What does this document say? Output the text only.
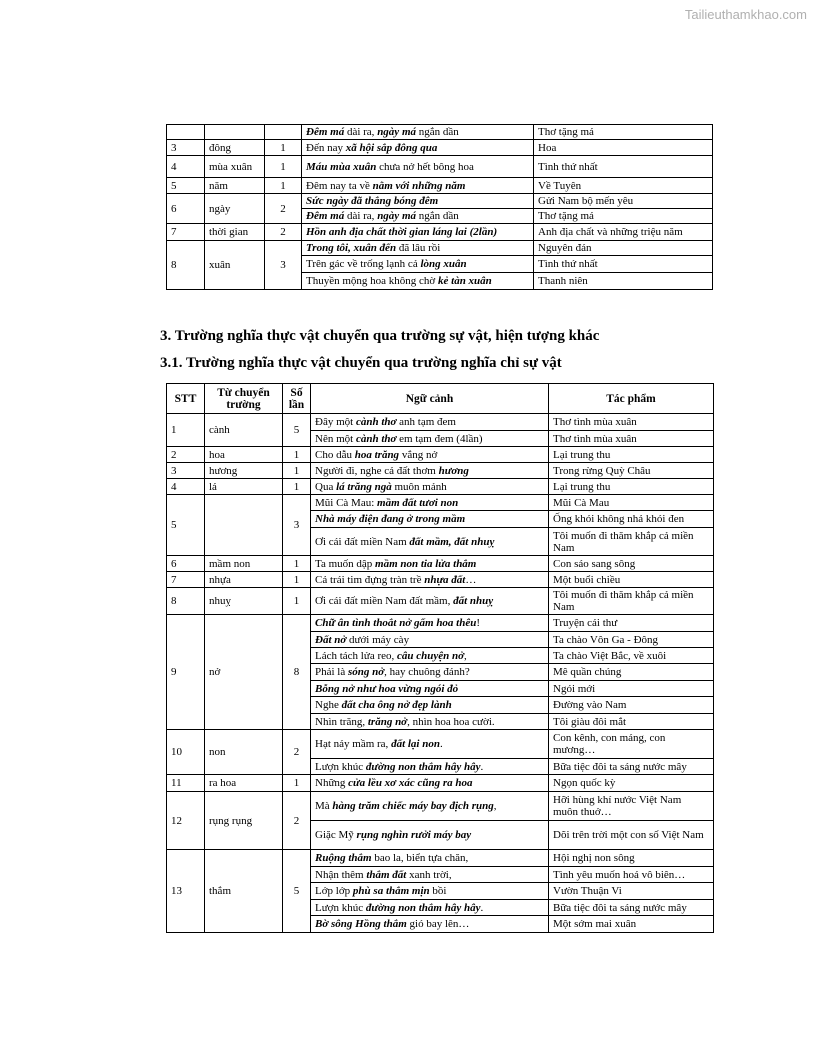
Tailieuthamkhao.com
			Đêm má dài ra, ngày má ngắn dần	Thơ tặng má
3	đông	1	Đến nay xã hội sắp đông qua	Hoa
4	mùa xuân	1	Máu mùa xuân chưa nở hết bông hoa	Tình thứ nhất
5	năm	1	Đêm nay ta về nằm với những năm	Về Tuyên
6	ngày	2	Sức ngày đã thắng bóng đêm	Gửi Nam bộ mến yêu
			Đêm má dài ra, ngày má ngắn dần	Thơ tặng má
7	thời gian	2	Hồn anh địa chất thời gian láng lai (2lần)	Anh địa chất và những triệu năm
8	xuân	3	Trong tôi, xuân đến đã lâu rồi	Nguyên đán
			Trên gác về trống lạnh cả lòng xuân	Tình thứ nhất
			Thuyền mộng hoa không chờ kẻ tàn xuân	Thanh niên
3. Trường nghĩa thực vật chuyển qua trường sự vật, hiện tượng khác
3.1. Trường nghĩa thực vật chuyển qua trường nghĩa chỉ sự vật
STT	Từ chuyển trường	Số lần	Ngữ cảnh	Tác phẩm
1	cành	5	Đây một cành thơ anh tạm đem	Thơ tình mùa xuân
			Nên một cành thơ em tạm đem (4lần)	Thơ tình mùa xuân
2	hoa	1	Cho dẫu hoa trăng vắng nở	Lại trung thu
3	hương	1	Người đi, nghe cả đất thơm hương	Trong rừng Quỳ Châu
4	lá	1	Qua lá trăng ngà muôn mảnh	Lại trung thu
5		3	Mũi Cà Mau: mầm đất tươi non	Mũi Cà Mau
			Nhà máy điện đang ở trong mầm	Ống khói không nhả khói đen
			Ơi cái đất miền Nam đất mầm, đất nhuỵ	Tôi muốn đi thăm khắp cả miền Nam
6	mầm non	1	Ta muốn dập mầm non tia lửa thắm	Con sáo sang sông
7	nhựa	1	Cả trái tim đựng tràn trề nhựa đất…	Một buổi chiều
8	nhuỵ	1	Ơi cái đất miền Nam đất mầm, đất nhuỵ	Tôi muốn đi thăm khắp cả miền Nam
9	nở	8	Chữ ân tình thoắt nở gấm hoa thêu!	Truyện cái thư
			Đất nở dưới máy cày	Ta chào Vôn Ga - Đông
			Lách tách lửa reo, câu chuyện nở,	Ta chào Việt Bắc, về xuôi
			Phải là sóng nở, hay chuông đánh?	Mê quần chúng
			Bỗng nở như hoa vừng ngói đỏ	Ngói mới
			Nghe đất cha ông nở đẹp lành	Đường vào Nam
			Nhìn trăng, trăng nở, nhìn hoa hoa cười.	Tôi giàu đôi mắt
10	non	2	Hạt nảy mầm ra, đất lại non.	Con kênh, con máng, con mương…
			Lượn khúc đường non thắm hây hây.	Bữa tiệc đôi ta sáng nước mây
11	ra hoa	1	Những cửa lều xơ xác cũng ra hoa	Ngọn quốc kỳ
12	rụng rụng	2	Mà hàng trăm chiếc máy bay địch rụng,	Hỡi hùng khí nước Việt Nam muôn thuở…
			Giặc Mỹ rụng nghìn rưởi máy bay	Dõi trên trời một con số Việt Nam
13	thắm	5	Ruộng thắm bao la, biển tựa chăn,	Hội nghị non sông
			Nhận thêm thắm đất xanh trời,	Tình yêu muốn hoá vô biên…
			Lớp lớp phù sa thắm mịn bồi	Vườn Thuận Vi
			Lượn khúc đường non thắm hây hây.	Bữa tiệc đôi ta sáng nước mây
			Bờ sông Hồng thắm gió bay lên…	Một sớm mai xuân
